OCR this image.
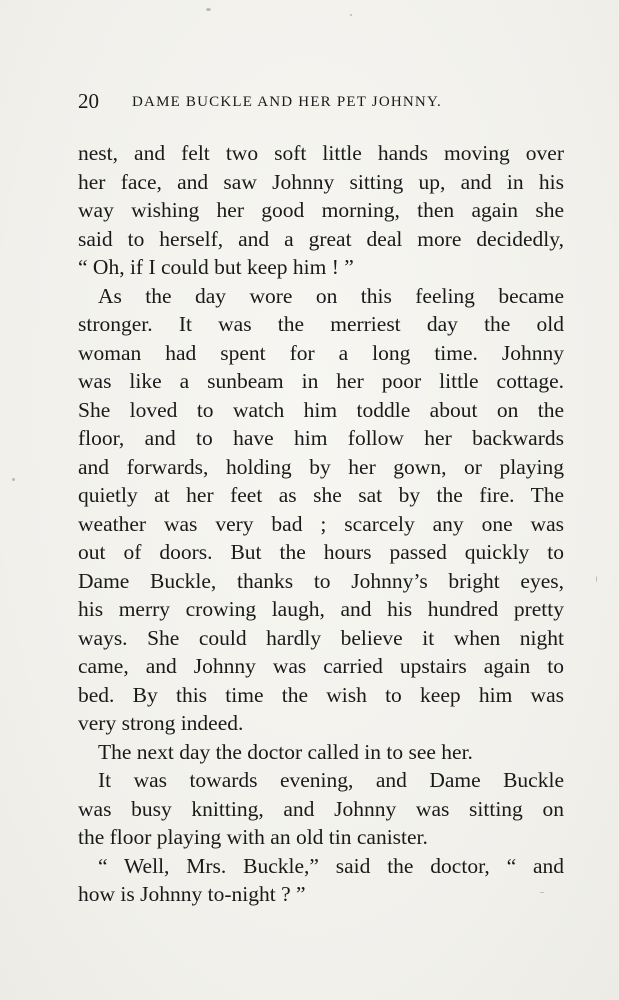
20 DAME BUCKLE AND HER PET JOHNNY.
nest, and felt two soft little hands moving over
her face, and saw Johnny sitting up, and in his
way wishing her good morning, then again she
said to herself, and a great deal more decidedly,
“ Oh, if I could but keep him ! ”
As the day wore on this feeling became
stronger. It was the merriest day the old
woman had spent for a long time. Johnny
was like a sunbeam in her poor little cottage.
She loved to watch him toddle about on the
floor, and to have him follow her backwards
and forwards, holding by her gown, or playing
quietly at her feet as she sat by the fire. The
weather was very bad ; scarcely any one was
out of doors. But the hours passed quickly to
Dame Buckle, thanks to Johnny’s bright eyes,
his merry crowing laugh, and his hundred pretty
ways. She could hardly believe it when night
came, and Johnny was carried upstairs again to
bed. By this time the wish to keep him was
very strong indeed.
The next day the doctor called in to see her.
It was towards evening, and Dame Buckle
was busy knitting, and Johnny was sitting on
the floor playing with an old tin canister.
“ Well, Mrs. Buckle,” said the doctor, “ and
how is Johnny to-night ? ”
